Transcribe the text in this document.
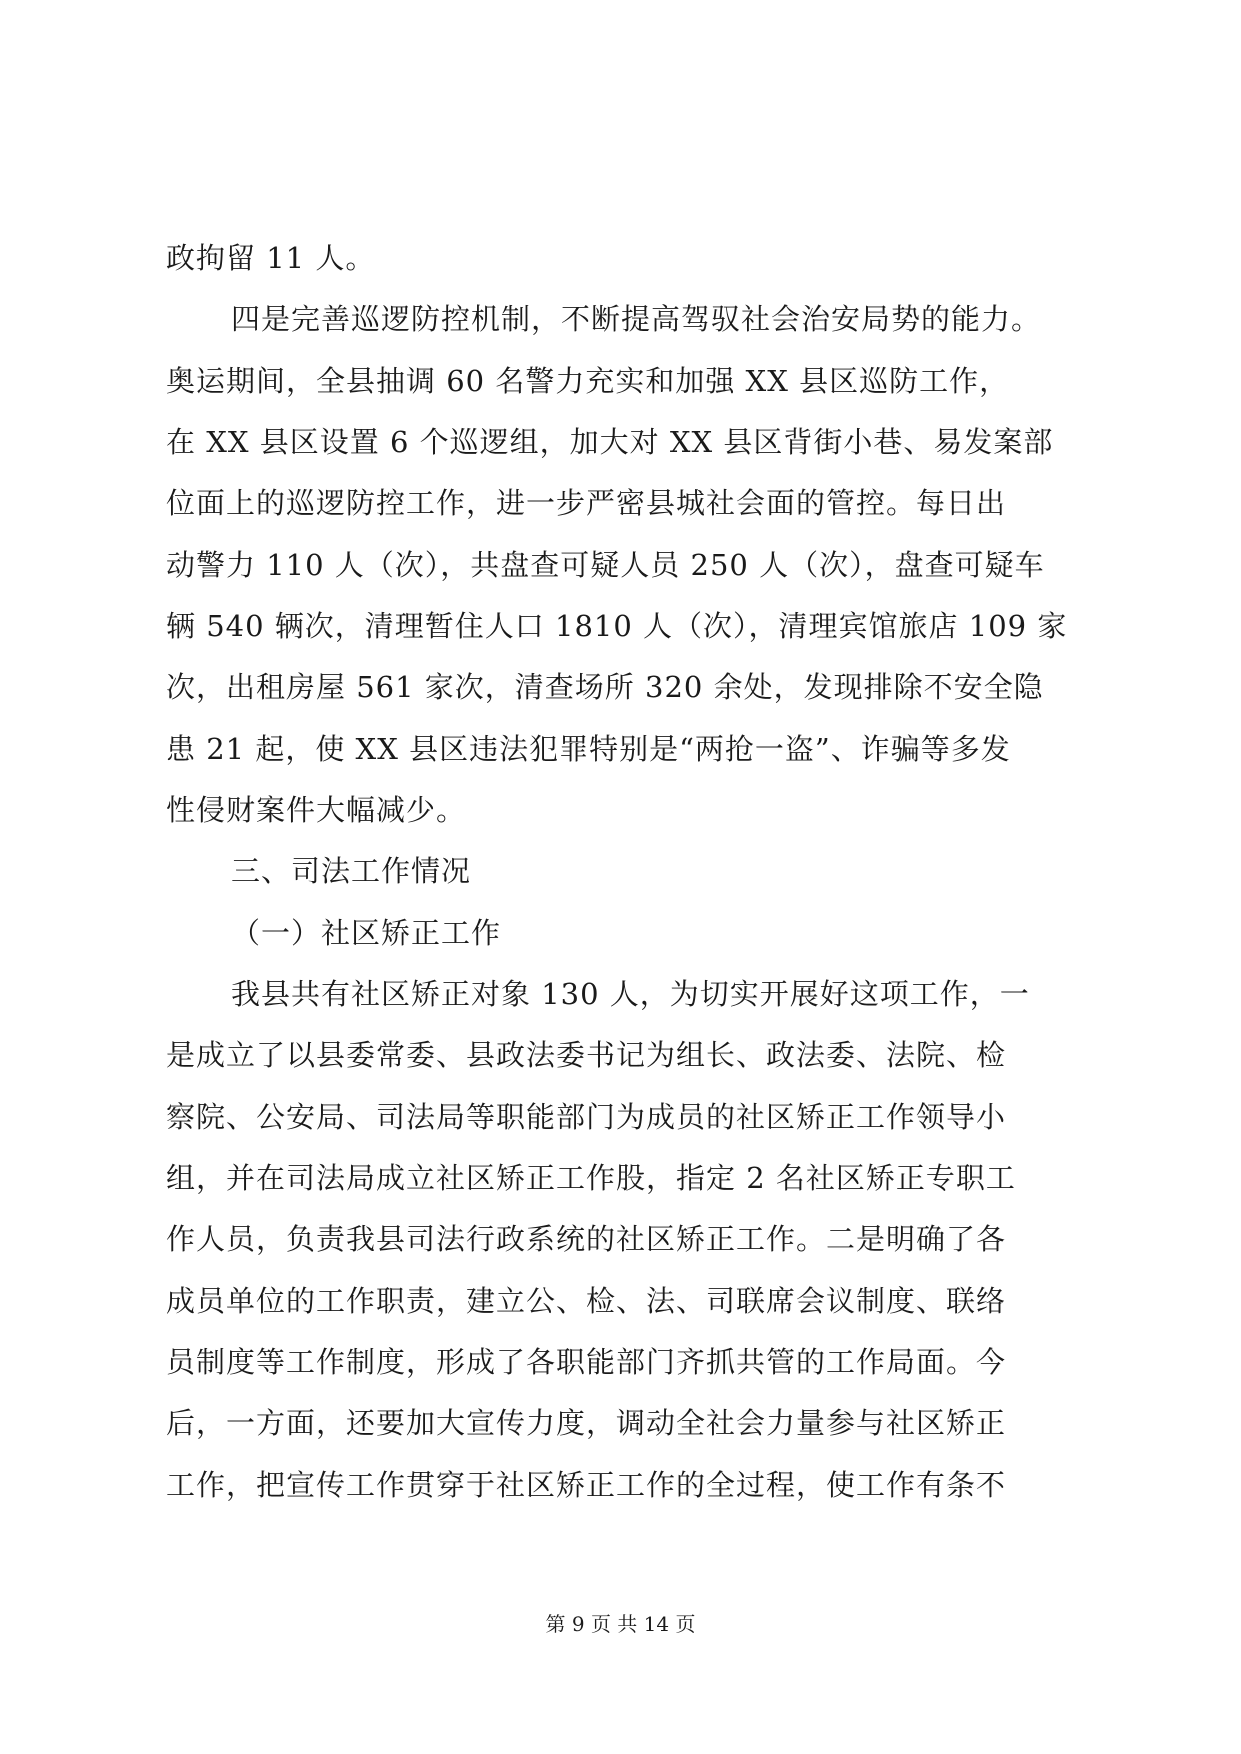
政拘留 11 人。

四是完善巡逻防控机制，不断提高驾驭社会治安局势的能力。

奥运期间，全县抽调 60 名警力充实和加强 XX 县区巡防工作，

在 XX 县区设置 6 个巡逻组，加大对 XX 县区背街小巷、易发案部

位面上的巡逻防控工作，进一步严密县城社会面的管控。每日出

动警力 110 人（次），共盘查可疑人员 250 人（次），盘查可疑车

辆 540 辆次，清理暂住人口 1810 人（次），清理宾馆旅店 109 家

次，出租房屋 561 家次，清查场所 320 余处，发现排除不安全隐

患 21 起，使 XX 县区违法犯罪特别是“两抢一盗”、诈骗等多发

性侵财案件大幅减少。

三、司法工作情况

（一）社区矫正工作

我县共有社区矫正对象 130 人，为切实开展好这项工作，一

是成立了以县委常委、县政法委书记为组长、政法委、法院、检

察院、公安局、司法局等职能部门为成员的社区矫正工作领导小

组，并在司法局成立社区矫正工作股，指定 2 名社区矫正专职工

作人员，负责我县司法行政系统的社区矫正工作。二是明确了各

成员单位的工作职责，建立公、检、法、司联席会议制度、联络

员制度等工作制度，形成了各职能部门齐抓共管的工作局面。今

后，一方面，还要加大宣传力度，调动全社会力量参与社区矫正

工作，把宣传工作贯穿于社区矫正工作的全过程，使工作有条不

第 9 页 共 14 页
